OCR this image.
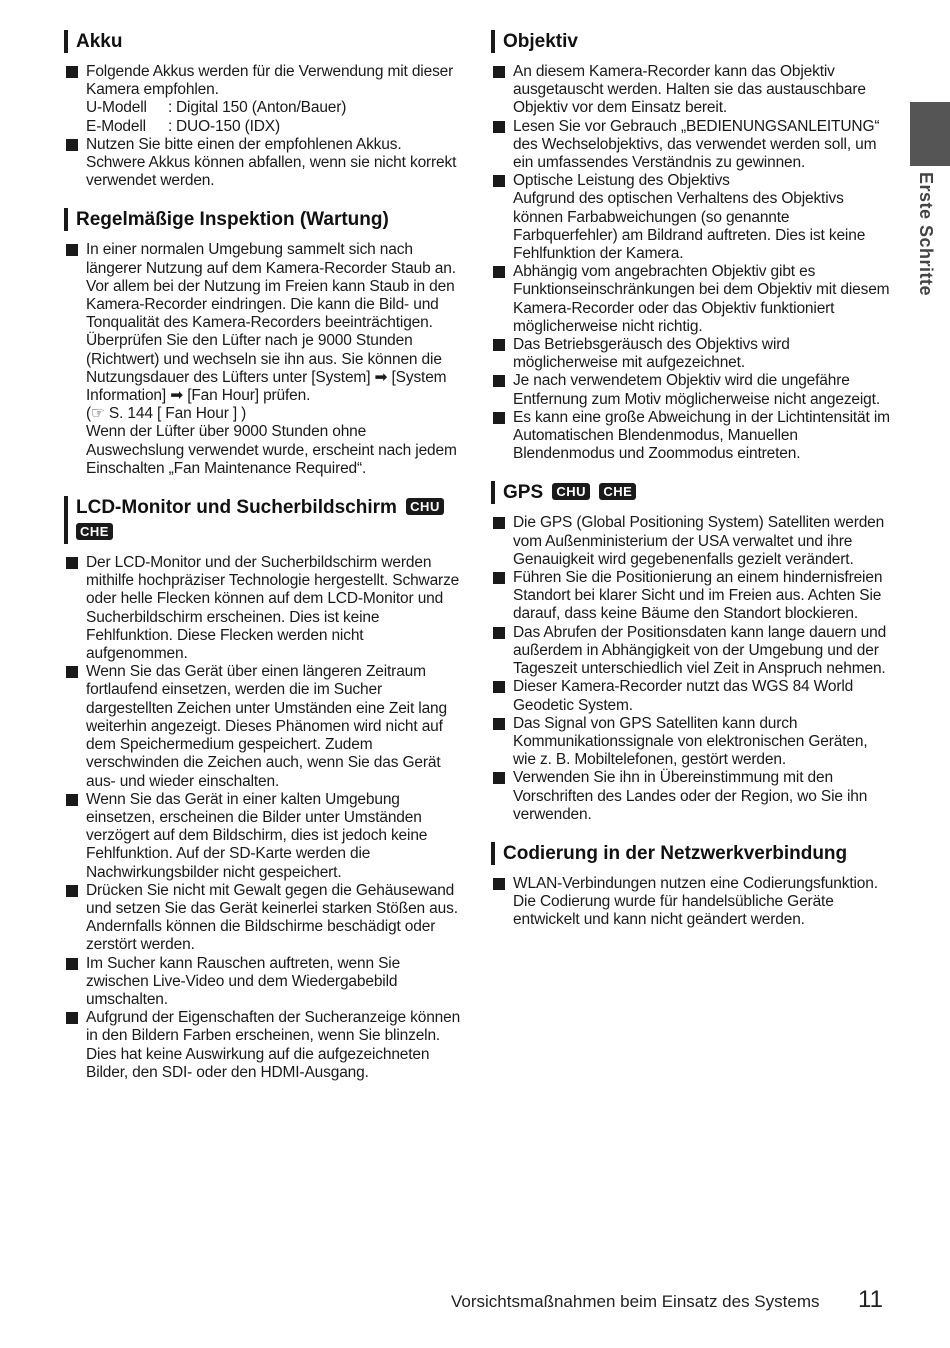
Akku
Folgende Akkus werden für die Verwendung mit dieser Kamera empfohlen.
U-Modell	: Digital 150 (Anton/Bauer)
E-Modell	: DUO-150 (IDX)
Nutzen Sie bitte einen der empfohlenen Akkus. Schwere Akkus können abfallen, wenn sie nicht korrekt verwendet werden.
Regelmäßige Inspektion (Wartung)
In einer normalen Umgebung sammelt sich nach längerer Nutzung auf dem Kamera-Recorder Staub an. Vor allem bei der Nutzung im Freien kann Staub in den Kamera-Recorder eindringen. Die kann die Bild- und Tonqualität des Kamera-Recorders beeinträchtigen. Überprüfen Sie den Lüfter nach je 9000 Stunden (Richtwert) und wechseln sie ihn aus. Sie können die Nutzungsdauer des Lüfters unter [System] ➡ [System Information] ➡ [Fan Hour] prüfen.
(☞ S. 144 [ Fan Hour ] )
Wenn der Lüfter über 9000 Stunden ohne Auswechslung verwendet wurde, erscheint nach jedem Einschalten „Fan Maintenance Required“.
LCD-Monitor und Sucherbildschirm CHU
CHE
Der LCD-Monitor und der Sucherbildschirm werden mithilfe hochpräziser Technologie hergestellt. Schwarze oder helle Flecken können auf dem LCD-Monitor und Sucherbildschirm erscheinen. Dies ist keine Fehlfunktion. Diese Flecken werden nicht aufgenommen.
Wenn Sie das Gerät über einen längeren Zeitraum fortlaufend einsetzen, werden die im Sucher dargestellten Zeichen unter Umständen eine Zeit lang weiterhin angezeigt. Dieses Phänomen wird nicht auf dem Speichermedium gespeichert. Zudem verschwinden die Zeichen auch, wenn Sie das Gerät aus- und wieder einschalten.
Wenn Sie das Gerät in einer kalten Umgebung einsetzen, erscheinen die Bilder unter Umständen verzögert auf dem Bildschirm, dies ist jedoch keine Fehlfunktion. Auf der SD-Karte werden die Nachwirkungsbilder nicht gespeichert.
Drücken Sie nicht mit Gewalt gegen die Gehäusewand und setzen Sie das Gerät keinerlei starken Stößen aus. Andernfalls können die Bildschirme beschädigt oder zerstört werden.
Im Sucher kann Rauschen auftreten, wenn Sie zwischen Live-Video und dem Wiedergabebild umschalten.
Aufgrund der Eigenschaften der Sucheranzeige können in den Bildern Farben erscheinen, wenn Sie blinzeln. Dies hat keine Auswirkung auf die aufgezeichneten Bilder, den SDI- oder den HDMI-Ausgang.
Objektiv
An diesem Kamera-Recorder kann das Objektiv ausgetauscht werden. Halten sie das austauschbare Objektiv vor dem Einsatz bereit.
Lesen Sie vor Gebrauch „BEDIENUNGSANLEITUNG“ des Wechselobjektivs, das verwendet werden soll, um ein umfassendes Verständnis zu gewinnen.
Optische Leistung des Objektivs
Aufgrund des optischen Verhaltens des Objektivs können Farbabweichungen (so genannte Farbquerfehler) am Bildrand auftreten. Dies ist keine Fehlfunktion der Kamera.
Abhängig vom angebrachten Objektiv gibt es Funktionseinschränkungen bei dem Objektiv mit diesem Kamera-Recorder oder das Objektiv funktioniert möglicherweise nicht richtig.
Das Betriebsgeräusch des Objektivs wird möglicherweise mit aufgezeichnet.
Je nach verwendetem Objektiv wird die ungefähre Entfernung zum Motiv möglicherweise nicht angezeigt.
Es kann eine große Abweichung in der Lichtintensität im Automatischen Blendenmodus, Manuellen Blendenmodus und Zoommodus eintreten.
GPS CHU CHE
Die GPS (Global Positioning System) Satelliten werden vom Außenministerium der USA verwaltet und ihre Genauigkeit wird gegebenenfalls gezielt verändert.
Führen Sie die Positionierung an einem hindernisfreien Standort bei klarer Sicht und im Freien aus. Achten Sie darauf, dass keine Bäume den Standort blockieren.
Das Abrufen der Positionsdaten kann lange dauern und außerdem in Abhängigkeit von der Umgebung und der Tageszeit unterschiedlich viel Zeit in Anspruch nehmen.
Dieser Kamera-Recorder nutzt das WGS 84 World Geodetic System.
Das Signal von GPS Satelliten kann durch Kommunikationssignale von elektronischen Geräten, wie z. B. Mobiltelefonen, gestört werden.
Verwenden Sie ihn in Übereinstimmung mit den Vorschriften des Landes oder der Region, wo Sie ihn verwenden.
Codierung in der Netzwerkverbindung
WLAN-Verbindungen nutzen eine Codierungsfunktion.
Die Codierung wurde für handelsübliche Geräte entwickelt und kann nicht geändert werden.
Erste Schritte
Vorsichtsmaßnahmen beim Einsatz des Systems 11
